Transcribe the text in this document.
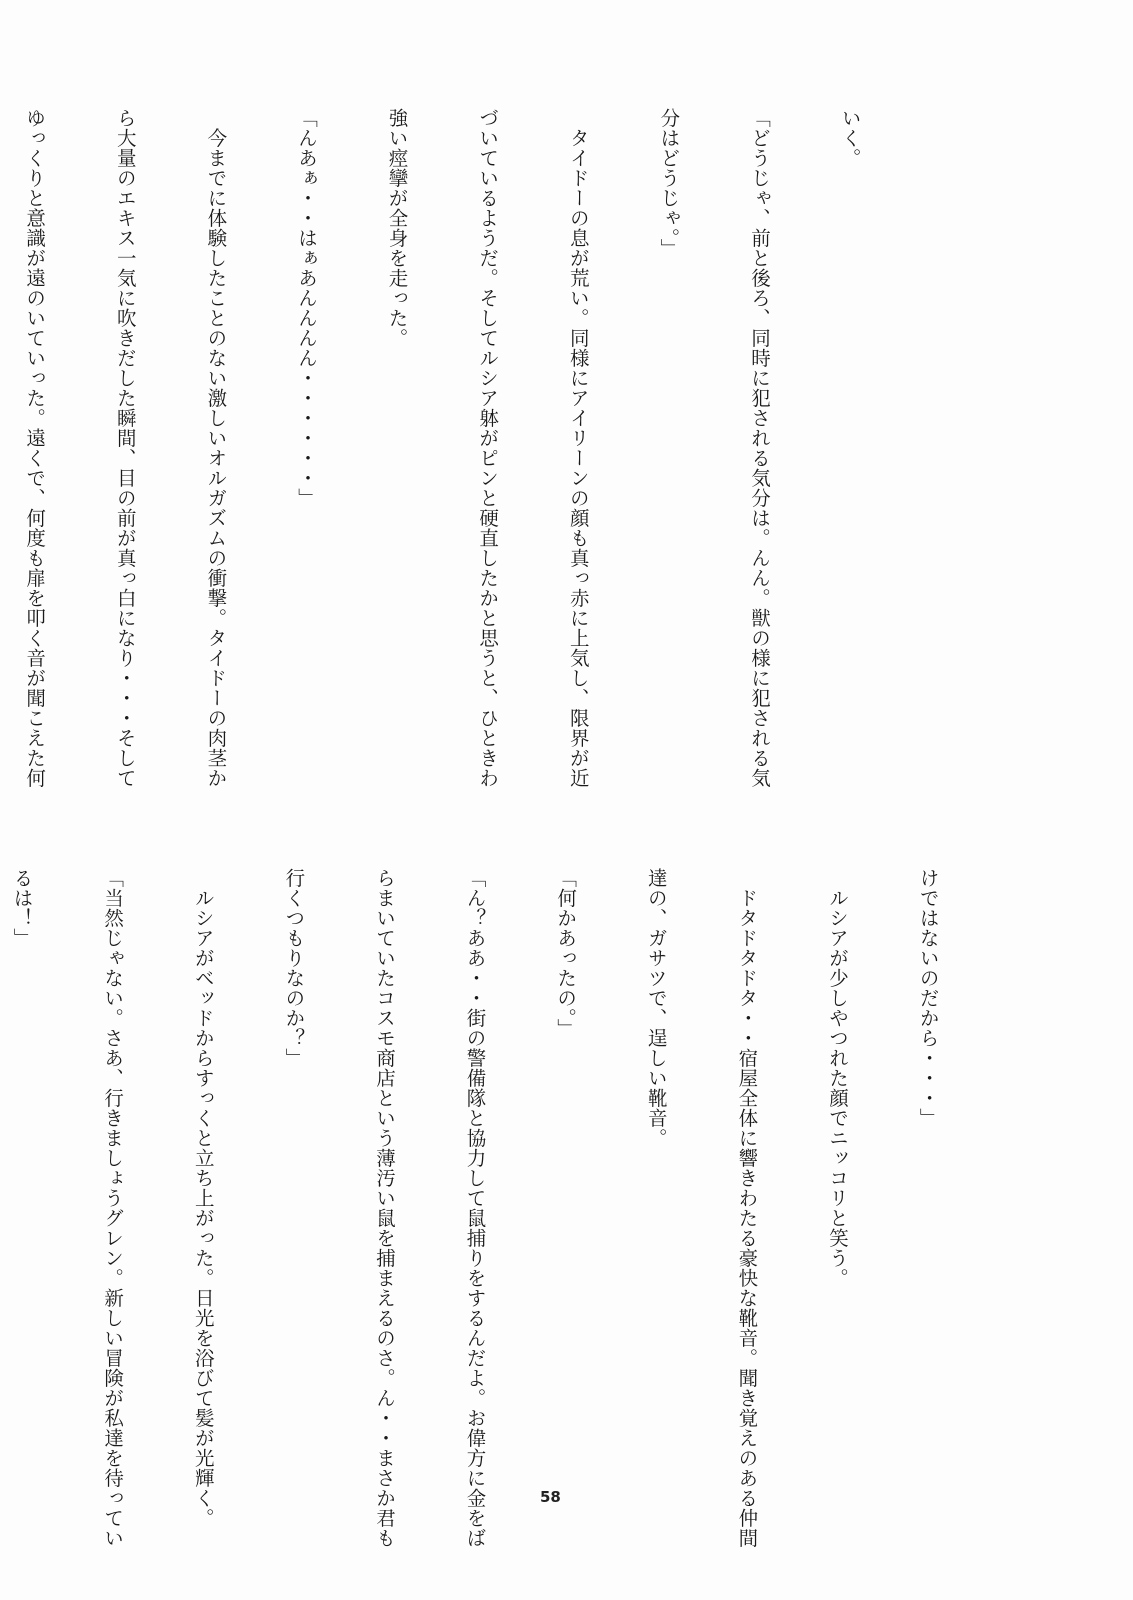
いく。

「どうじゃ、前と後ろ、同時に犯される気分は。んん。獣の様に犯される気

分はどうじゃ。」

　タイドーの息が荒い。同様にアイリーンの顔も真っ赤に上気し、限界が近

づいているようだ。そしてルシア躰がピンと硬直したかと思うと、ひときわ

強い痙攣が全身を走った。

「んあぁ・・はぁあんんんん・・・・・・」

　今までに体験したことのない激しいオルガズムの衝撃。タイドーの肉茎か

ら大量のエキス一気に吹きだした瞬間、目の前が真っ白になり・・・そして

ゆっくりと意識が遠のいていった。遠くで、何度も扉を叩く音が聞こえた何

けではないのだから・・・」

　ルシアが少しやつれた顔でニッコリと笑う。

　ドタドタドタ・・宿屋全体に響きわたる豪快な靴音。聞き覚えのある仲間

達の、ガサツで、逞しい靴音。

「何かあったの。」

「ん？ああ・・街の警備隊と協力して鼠捕りをするんだよ。お偉方に金をば

らまいていたコスモ商店という薄汚い鼠を捕まえるのさ。ん・・まさか君も

行くつもりなのか？」

　ルシアがベッドからすっくと立ち上がった。日光を浴びて髪が光輝く。

「当然じゃない。さあ、行きましょうグレン。新しい冒険が私達を待ってい

るは！」

58
